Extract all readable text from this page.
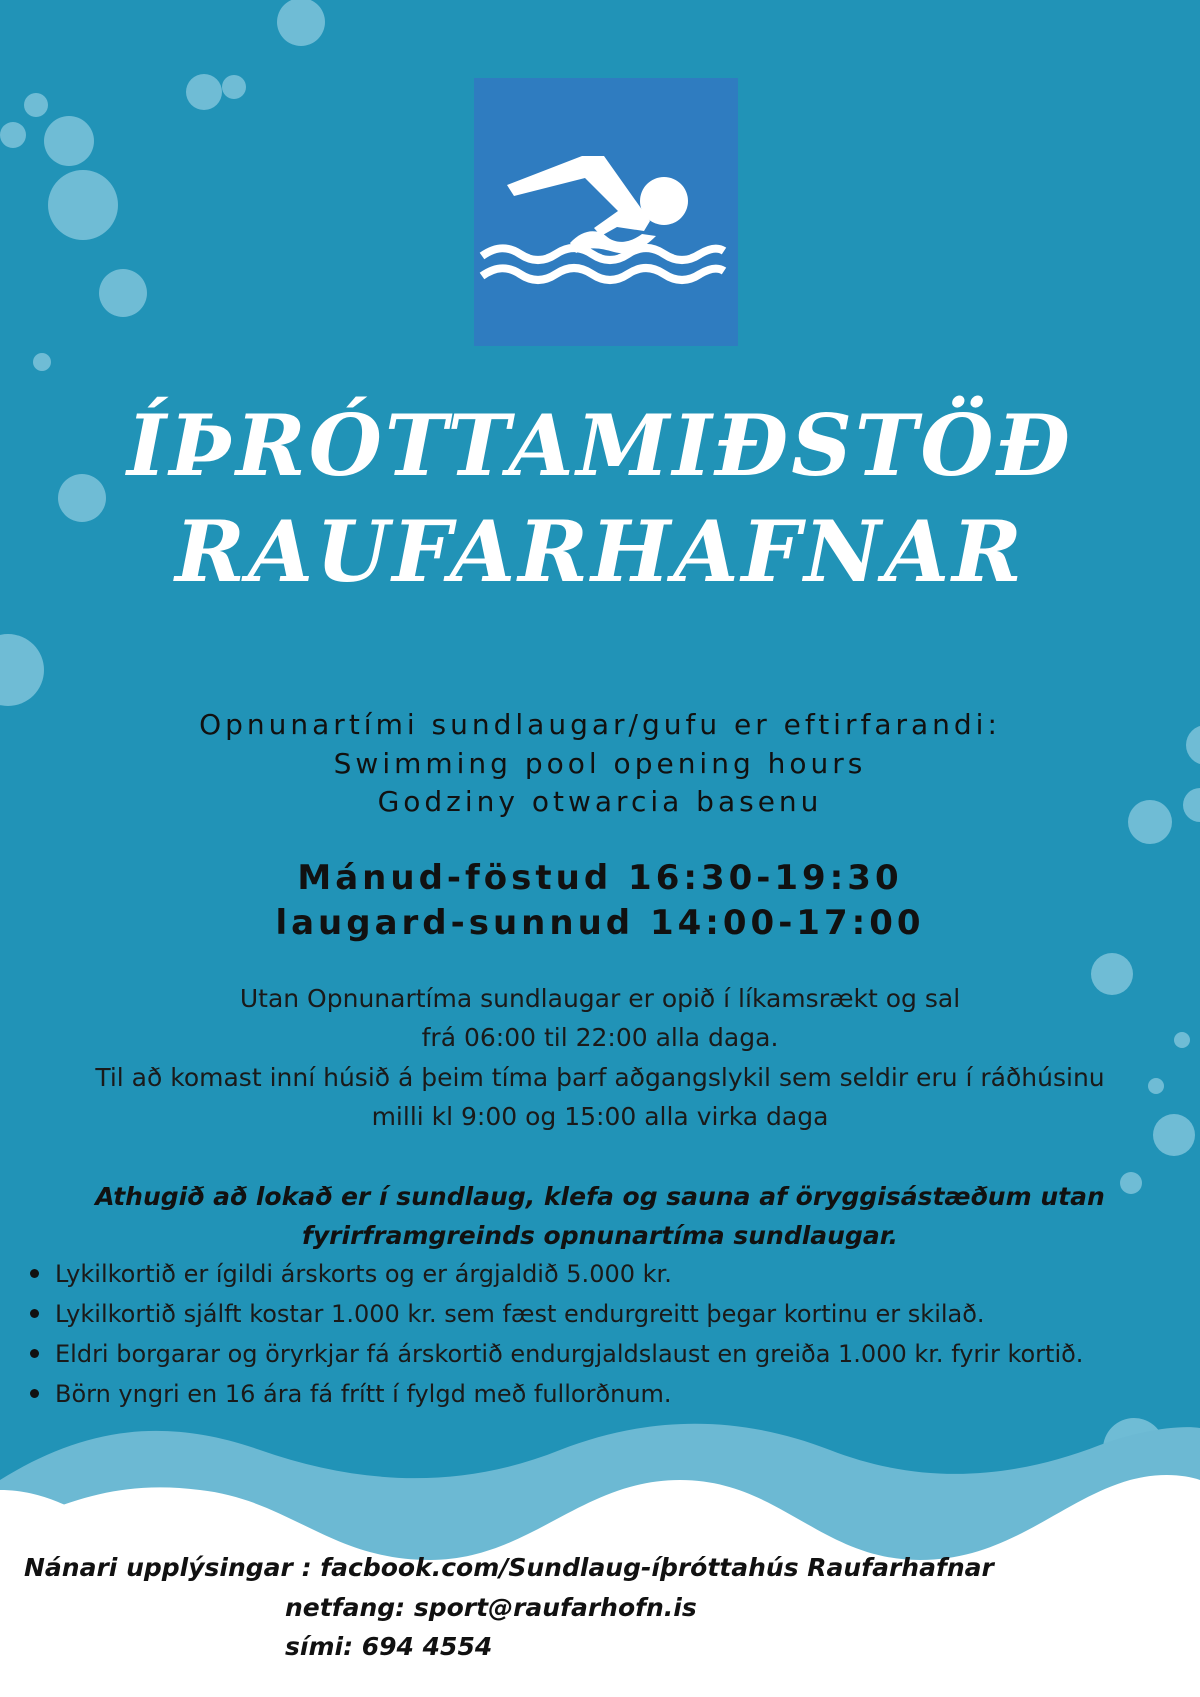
ÍÞRÓTTAMIÐSTÖÐ
RAUFARHAFNAR
Opnunartími sundlaugar/gufu er eftirfarandi:
Swimming pool opening hours
Godziny otwarcia basenu
Mánud-föstud 16:30-19:30
laugard-sunnud 14:00-17:00
Utan Opnunartíma sundlaugar er opið í líkamsrækt og sal
frá 06:00 til 22:00 alla daga.
Til að komast inní húsið á þeim tíma þarf aðgangslykil sem seldir eru í ráðhúsinu
milli kl 9:00 og 15:00 alla virka daga
Athugið að lokað er í sundlaug, klefa og sauna af öryggisástæðum utan
fyrirframgreinds opnunartíma sundlaugar.
Lykilkortið er ígildi árskorts og er árgjaldið 5.000 kr.
Lykilkortið sjálft kostar 1.000 kr. sem fæst endurgreitt þegar kortinu er skilað.
Eldri borgarar og öryrkjar fá árskortið endurgjaldslaust en greiða 1.000 kr. fyrir kortið.
Börn yngri en 16 ára fá frítt í fylgd með fullorðnum.
Nánari upplýsingar : facbook.com/Sundlaug-íþróttahús Raufarhafnar
netfang: sport@raufarhofn.is
sími: 694 4554
